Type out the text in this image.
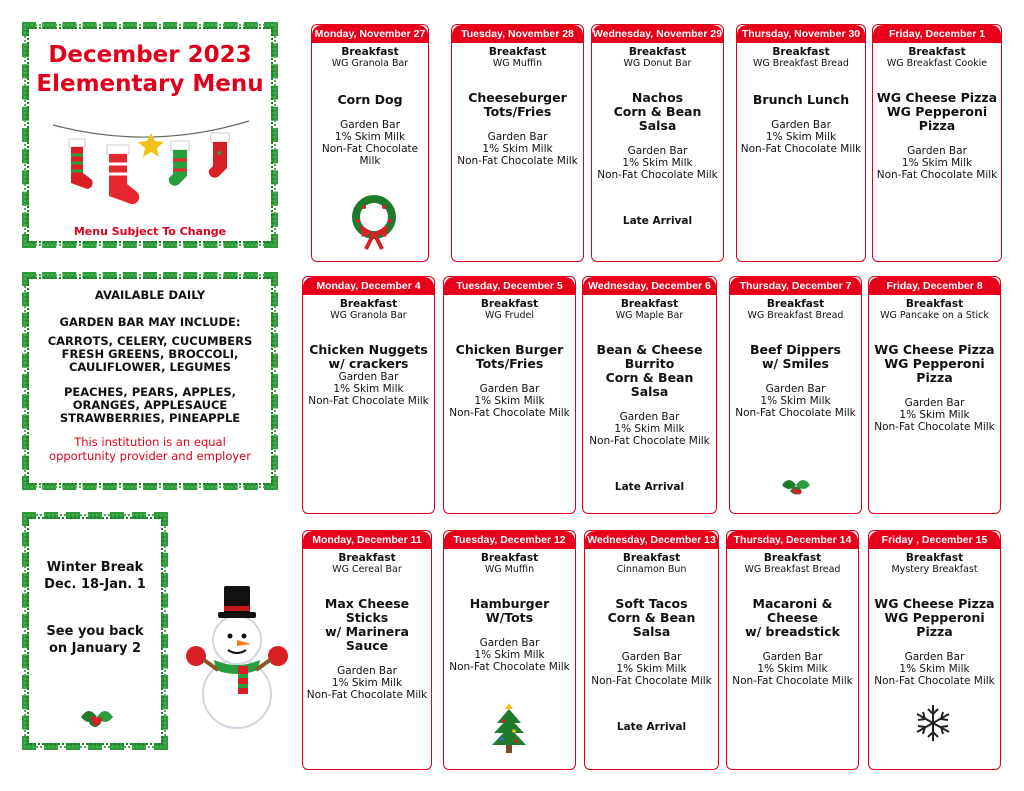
December 2023
Elementary Menu
Menu Subject To Change
AVAILABLE DAILY
GARDEN BAR MAY INCLUDE:
CARROTS, CELERY, CUCUMBERS
FRESH GREENS, BROCCOLI,
CAULIFLOWER, LEGUMES
PEACHES, PEARS, APPLES,
ORANGES, APPLESAUCE
STRAWBERRIES, PINEAPPLE
This institution is an equal
opportunity provider and employer
Winter Break
Dec. 18-Jan. 1
See you back
on January 2
Monday, November 27
Breakfast
WG Granola Bar
Corn Dog
Garden Bar
1% Skim Milk
Non-Fat Chocolate Milk
Tuesday, November 28
Breakfast
WG Muffin
Cheeseburger
Tots/Fries
Garden Bar
1% Skim Milk
Non-Fat Chocolate Milk
Wednesday, November 29
Breakfast
WG Donut Bar
Nachos
Corn & Bean Salsa
Garden Bar
1% Skim Milk
Non-Fat Chocolate Milk
Late Arrival
Thursday, November 30
Breakfast
WG Breakfast Bread
Brunch Lunch
Garden Bar
1% Skim Milk
Non-Fat Chocolate Milk
Friday, December 1
Breakfast
WG Breakfast Cookie
WG Cheese Pizza
WG Pepperoni Pizza
Garden Bar
1% Skim Milk
Non-Fat Chocolate Milk
Monday, December 4
Breakfast
WG Granola Bar
Chicken Nuggets
w/ crackers
Garden Bar
1% Skim Milk
Non-Fat Chocolate Milk
Tuesday, December 5
Breakfast
WG Frudel
Chicken Burger
Tots/Fries
Garden Bar
1% Skim Milk
Non-Fat Chocolate Milk
Wednesday, December 6
Breakfast
WG Maple Bar
Bean & Cheese Burrito
Corn & Bean Salsa
Garden Bar
1% Skim Milk
Non-Fat Chocolate Milk
Late Arrival
Thursday, December 7
Breakfast
WG Breakfast Bread
Beef Dippers
w/ Smiles
Garden Bar
1% Skim Milk
Non-Fat Chocolate Milk
Friday, December 8
Breakfast
WG Pancake on a Stick
WG Cheese Pizza
WG Pepperoni Pizza
Garden Bar
1% Skim Milk
Non-Fat Chocolate Milk
Monday, December 11
Breakfast
WG Cereal Bar
Max Cheese Sticks
w/ Marinera Sauce
Garden Bar
1% Skim Milk
Non-Fat Chocolate Milk
Tuesday, December 12
Breakfast
WG Muffin
Hamburger
W/Tots
Garden Bar
1% Skim Milk
Non-Fat Chocolate Milk
Wednesday, December 13
Breakfast
Cinnamon Bun
Soft Tacos
Corn & Bean Salsa
Garden Bar
1% Skim Milk
Non-Fat Chocolate Milk
Late Arrival
Thursday, December 14
Breakfast
WG Breakfast Bread
Macaroni & Cheese
w/ breadstick
Garden Bar
1% Skim Milk
Non-Fat Chocolate Milk
Friday , December 15
Breakfast
Mystery Breakfast
WG Cheese Pizza
WG Pepperoni Pizza
Garden Bar
1% Skim Milk
Non-Fat Chocolate Milk
